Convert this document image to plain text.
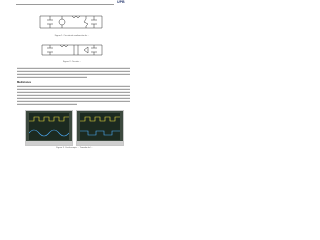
UPB
Figura 1. Circuito de realización de ...
Figura 2. Circuito ...
Mediciones
Figura 3. Osciloscopio ... Tomado del ...
